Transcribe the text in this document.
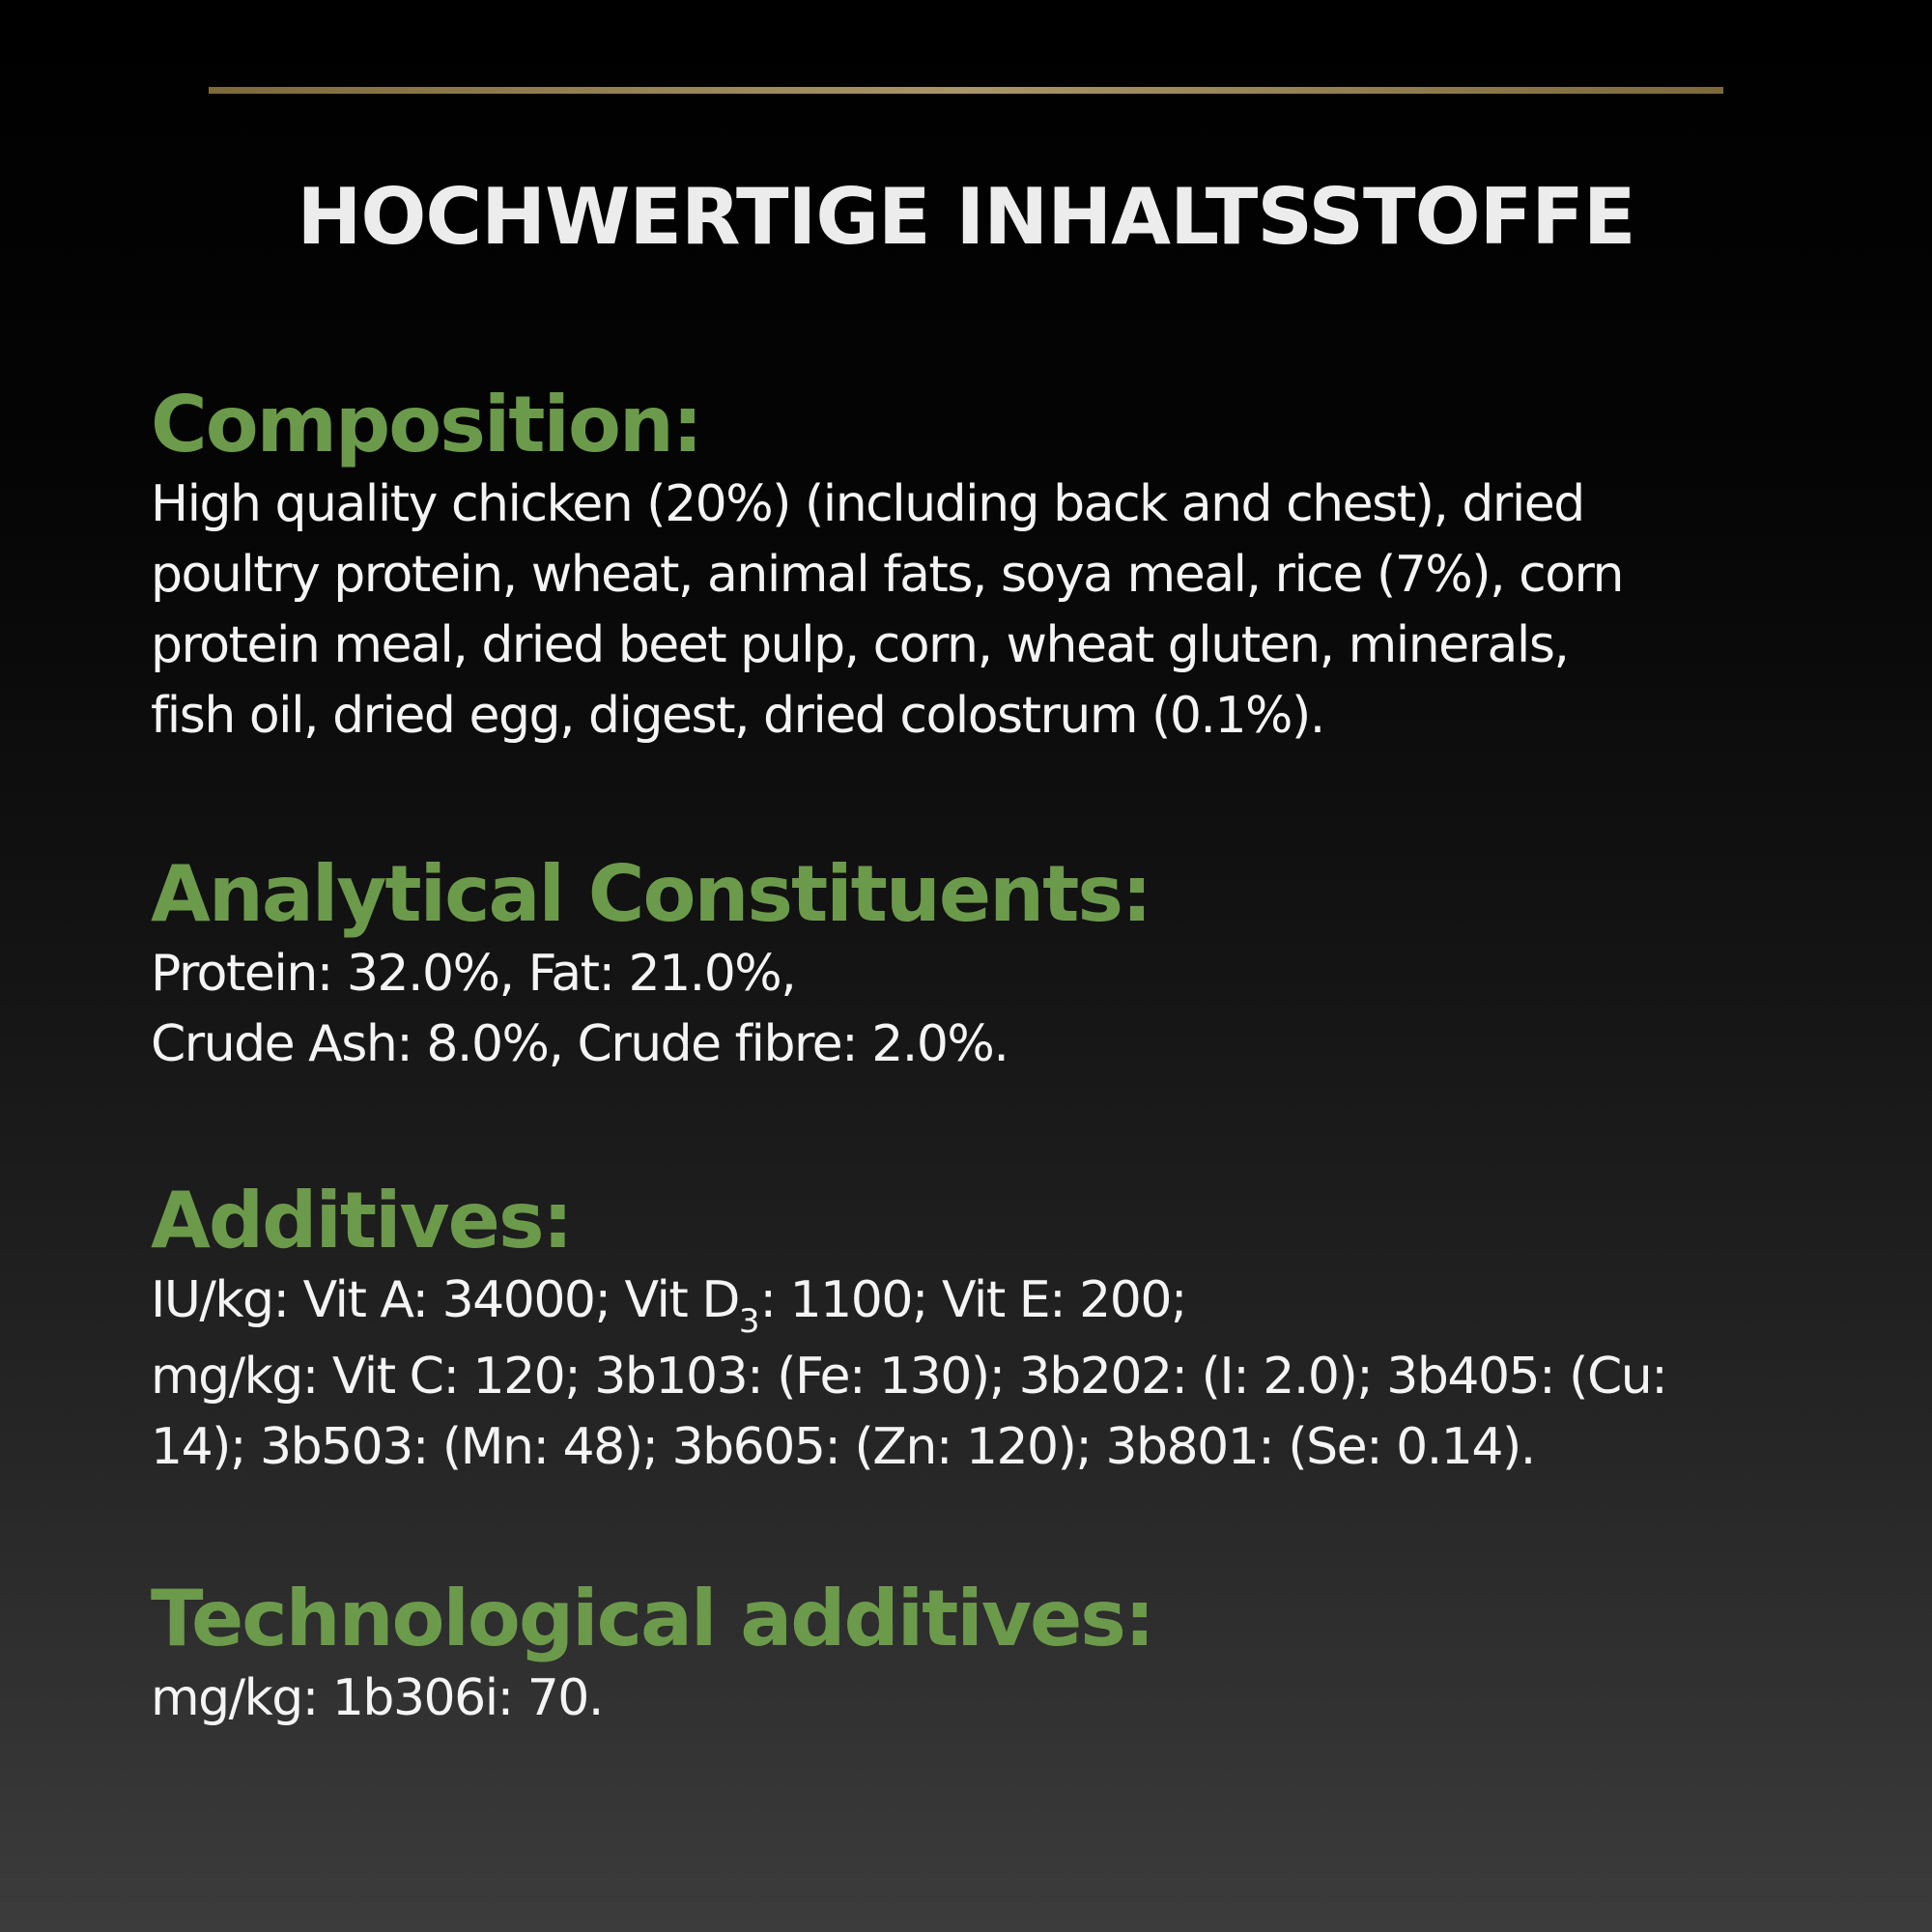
HOCHWERTIGE INHALTSSTOFFE
Composition:

High quality chicken (20%) (including back and chest), dried
poultry protein, wheat, animal fats, soya meal, rice (7%), corn
protein meal, dried beet pulp, corn, wheat gluten, minerals,
fish oil, dried egg, digest, dried colostrum (0.1%).

Analytical Constituents:

Protein: 32.0%, Fat: 21.0%,
Crude Ash: 8.0%, Crude fibre: 2.0%.

Additives:

IU/kg: Vit A: 34000; Vit $D_3$: 1100; Vit E: 200;
mg/kg: Vit C: 120; 3b103: (Fe: 130); 3b202: (I: 2.0); 3b405: (Cu:
14); 3b503: (Mn: 48); 3b605: (Zn: 120); 3b801: (Se: 0.14).

Technological additives:

mg/kg: 1b306i: 70.
